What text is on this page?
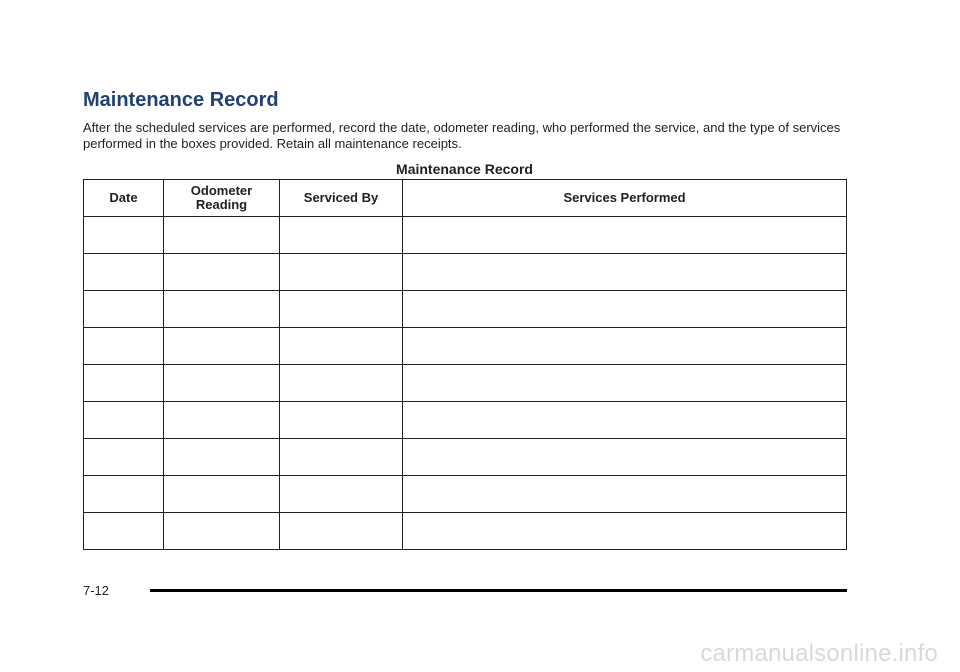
Maintenance Record

After the scheduled services are performed, record the date, odometer reading, who performed the service, and the type of services performed in the boxes provided. Retain all maintenance receipts.

Maintenance Record
Date	Odometer Reading	Serviced By	Services Performed

7-12
carmanualsonline.info
